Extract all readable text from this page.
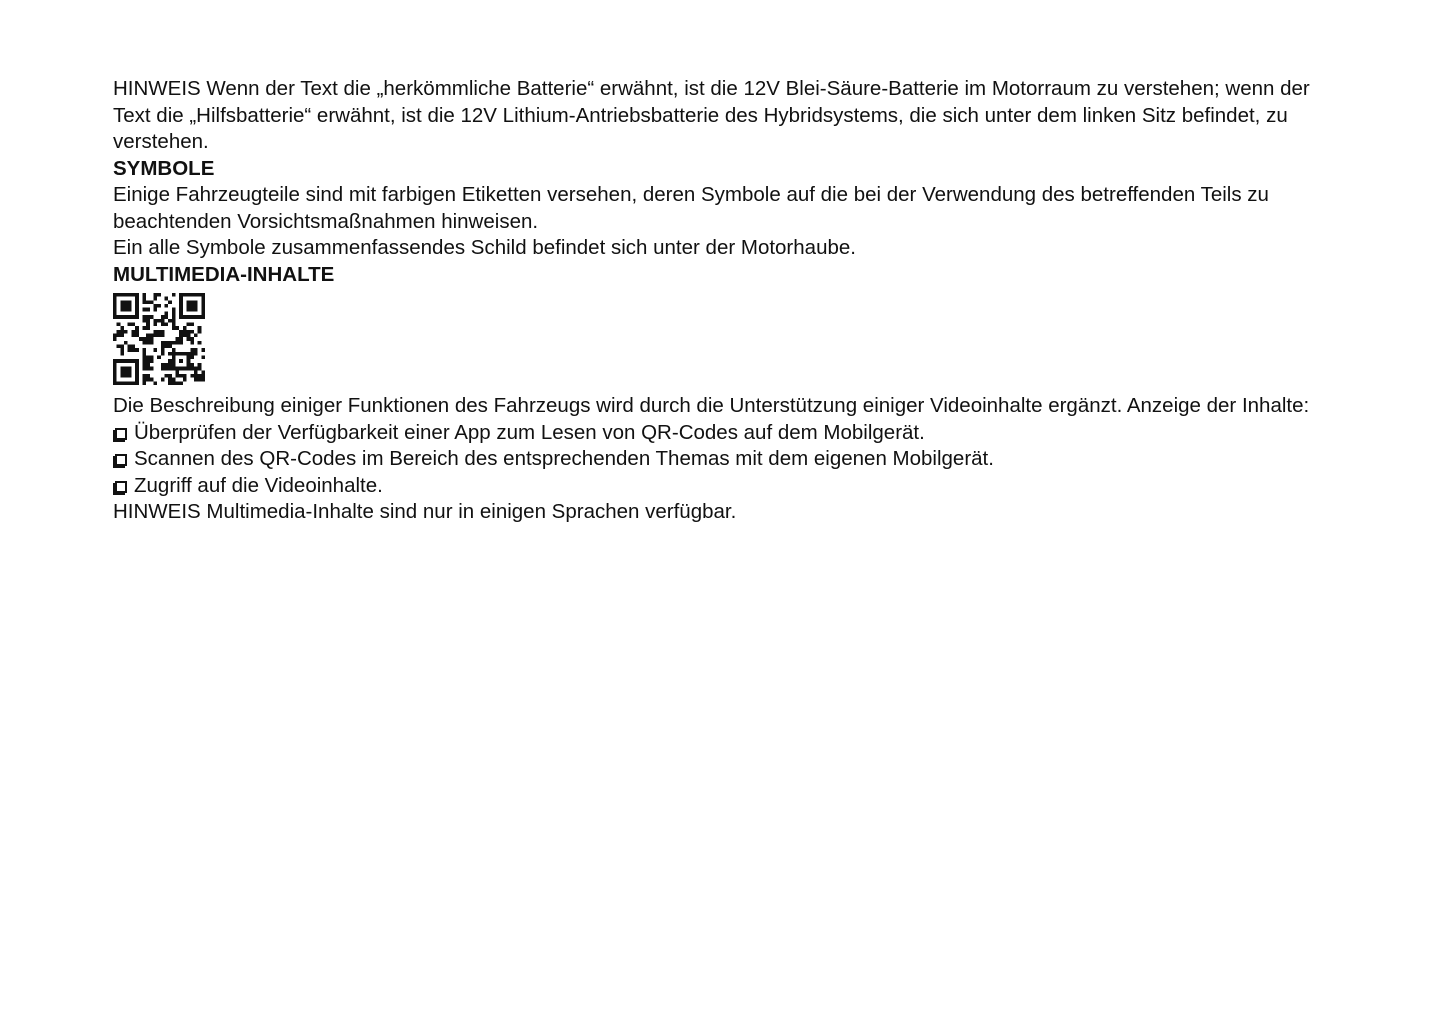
HINWEIS Wenn der Text die „herkömmliche Batterie“ erwähnt, ist die 12V Blei-Säure-Batterie im Motorraum zu verstehen; wenn der Text die „Hilfsbatterie“ erwähnt, ist die 12V Lithium-Antriebsbatterie des Hybridsystems, die sich unter dem linken Sitz befindet, zu verstehen.

SYMBOLE

Einige Fahrzeugteile sind mit farbigen Etiketten versehen, deren Symbole auf die bei der Verwendung des betreffenden Teils zu beachtenden Vorsichtsmaßnahmen hinweisen.

Ein alle Symbole zusammenfassendes Schild befindet sich unter der Motorhaube.

MULTIMEDIA-INHALTE

Die Beschreibung einiger Funktionen des Fahrzeugs wird durch die Unterstützung einiger Videoinhalte ergänzt. Anzeige der Inhalte:

Überprüfen der Verfügbarkeit einer App zum Lesen von QR-Codes auf dem Mobilgerät.
Scannen des QR-Codes im Bereich des entsprechenden Themas mit dem eigenen Mobilgerät.
Zugriff auf die Videoinhalte.

HINWEIS Multimedia-Inhalte sind nur in einigen Sprachen verfügbar.
